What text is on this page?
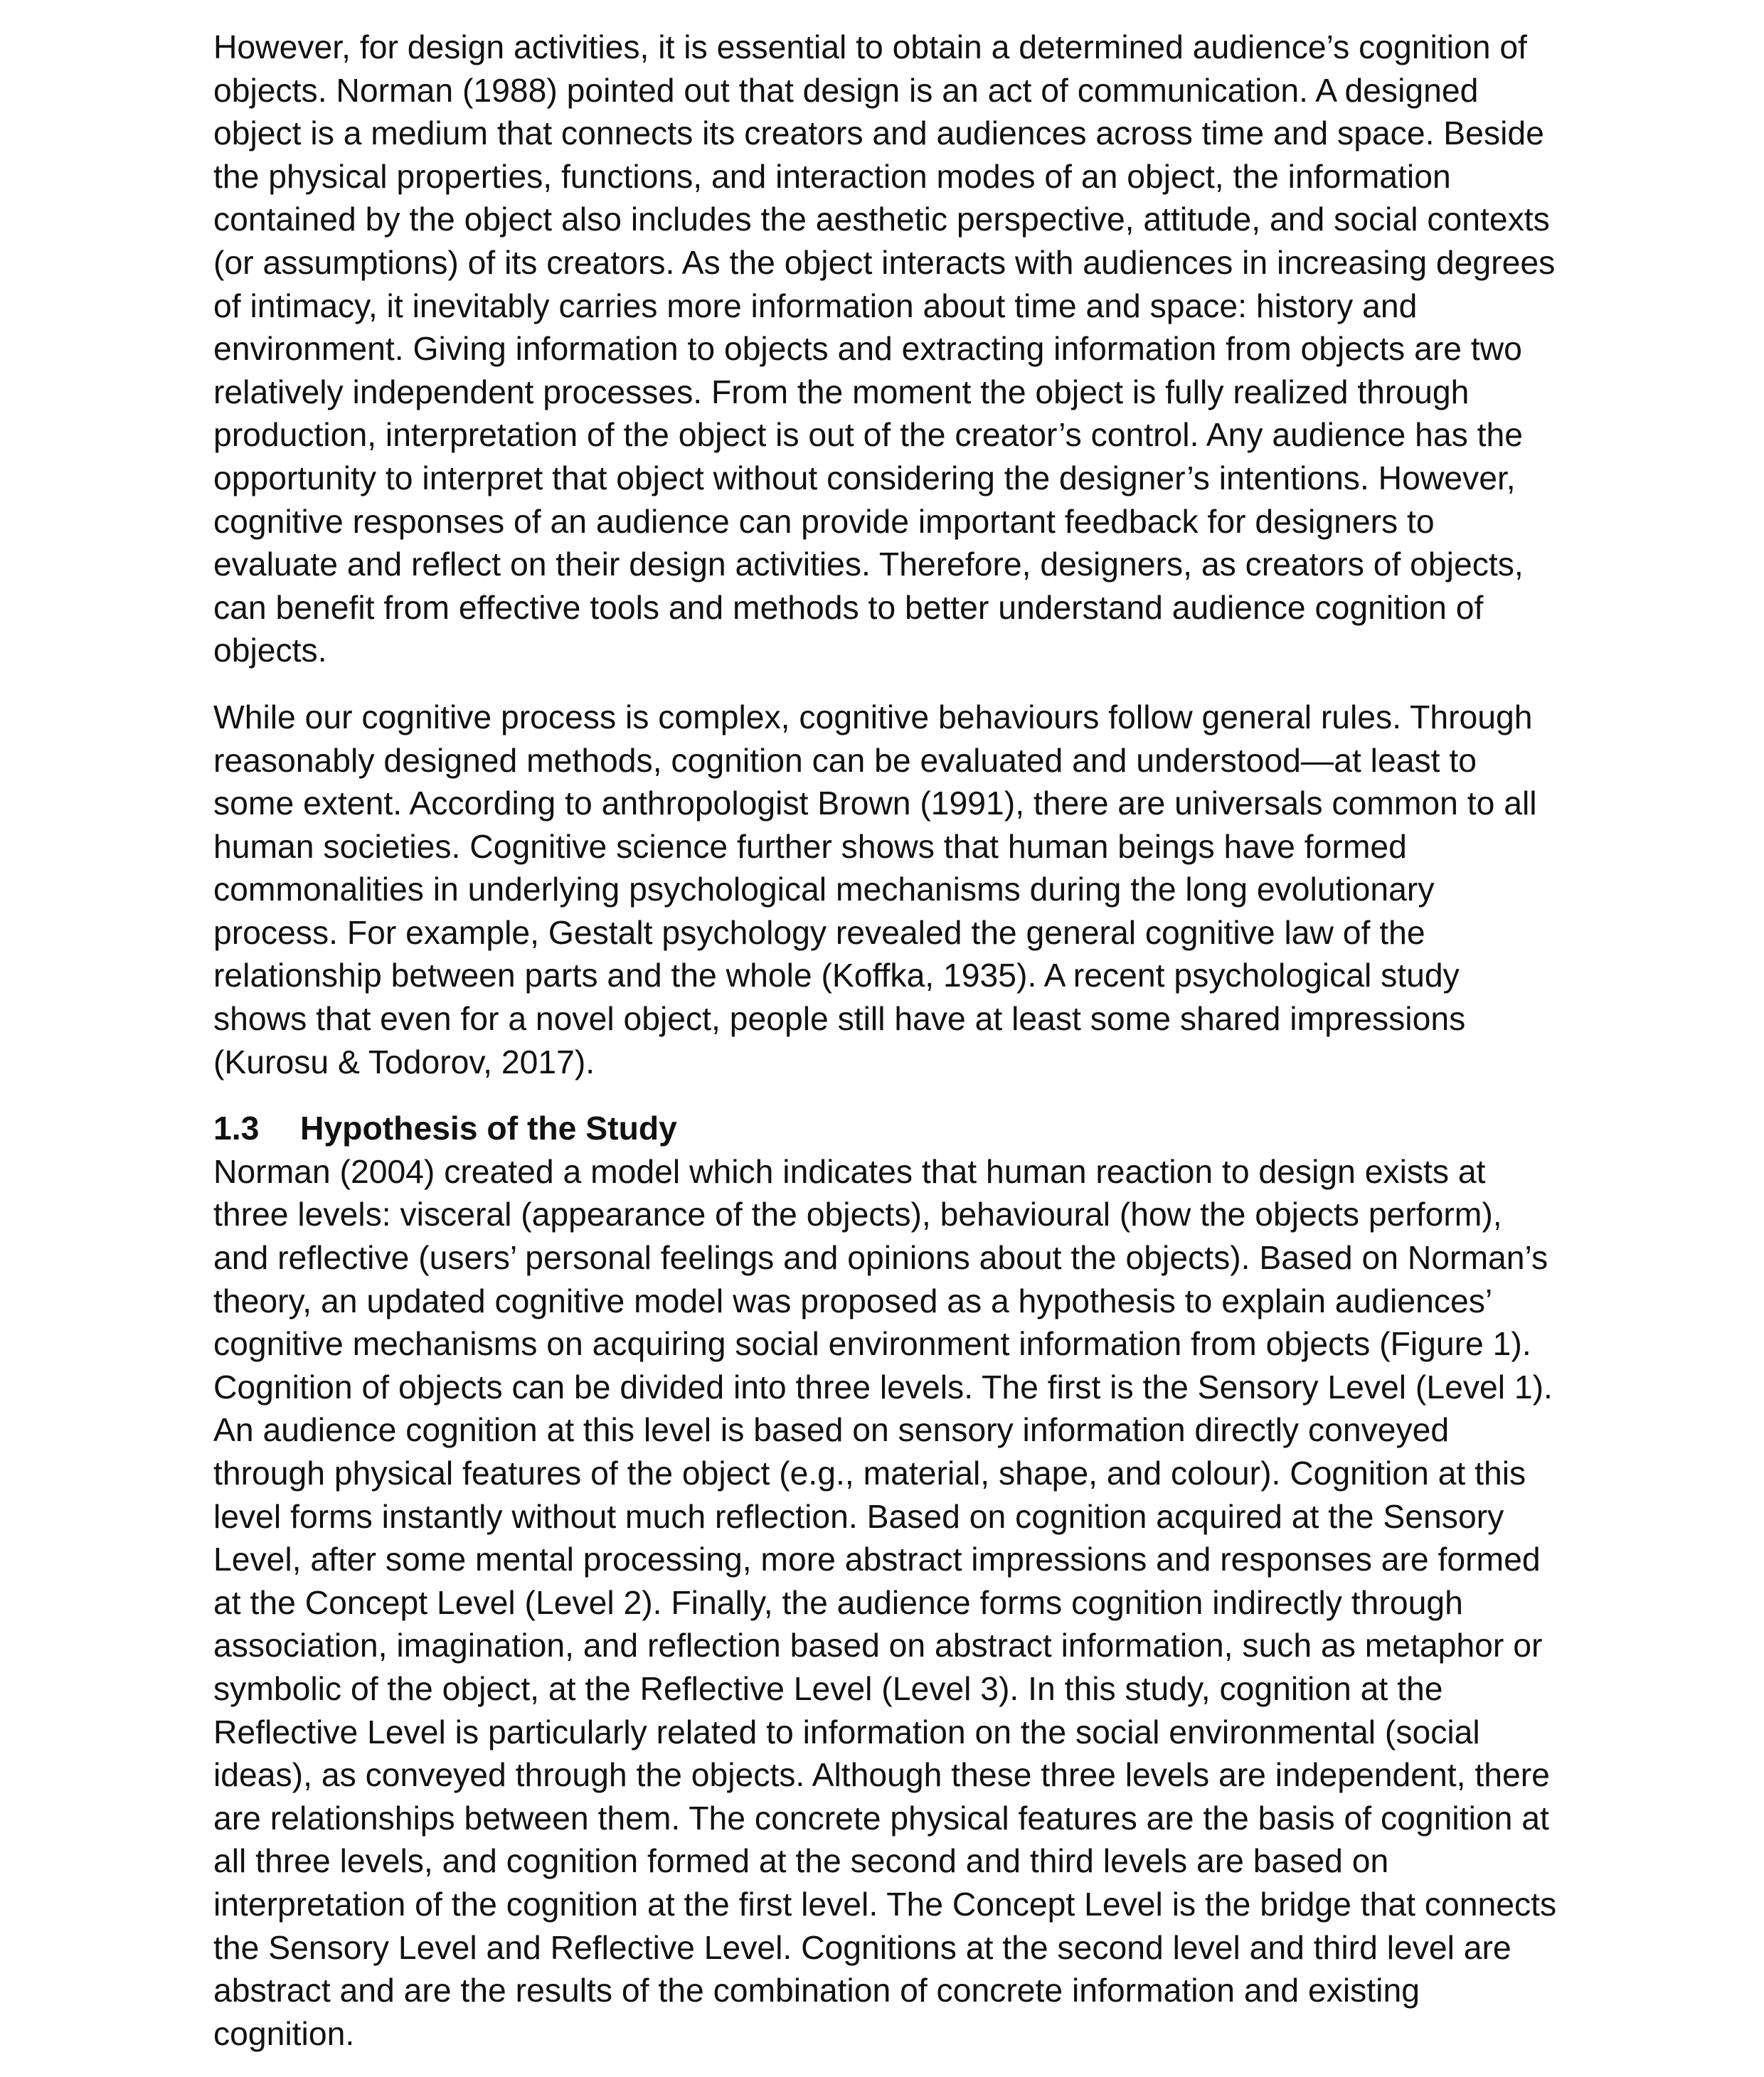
However, for design activities, it is essential to obtain a determined audience’s cognition of
objects. Norman (1988) pointed out that design is an act of communication. A designed
object is a medium that connects its creators and audiences across time and space. Beside
the physical properties, functions, and interaction modes of an object, the information
contained by the object also includes the aesthetic perspective, attitude, and social contexts
(or assumptions) of its creators. As the object interacts with audiences in increasing degrees
of intimacy, it inevitably carries more information about time and space: history and
environment. Giving information to objects and extracting information from objects are two
relatively independent processes. From the moment the object is fully realized through
production, interpretation of the object is out of the creator’s control. Any audience has the
opportunity to interpret that object without considering the designer’s intentions. However,
cognitive responses of an audience can provide important feedback for designers to
evaluate and reflect on their design activities. Therefore, designers, as creators of objects,
can benefit from effective tools and methods to better understand audience cognition of
objects.
While our cognitive process is complex, cognitive behaviours follow general rules. Through
reasonably designed methods, cognition can be evaluated and understood—at least to
some extent. According to anthropologist Brown (1991), there are universals common to all
human societies. Cognitive science further shows that human beings have formed
commonalities in underlying psychological mechanisms during the long evolutionary
process. For example, Gestalt psychology revealed the general cognitive law of the
relationship between parts and the whole (Koffka, 1935). A recent psychological study
shows that even for a novel object, people still have at least some shared impressions
(Kurosu & Todorov, 2017).
1.3 Hypothesis of the Study
Norman (2004) created a model which indicates that human reaction to design exists at
three levels: visceral (appearance of the objects), behavioural (how the objects perform),
and reflective (users’ personal feelings and opinions about the objects). Based on Norman’s
theory, an updated cognitive model was proposed as a hypothesis to explain audiences’
cognitive mechanisms on acquiring social environment information from objects (Figure 1).
Cognition of objects can be divided into three levels. The first is the Sensory Level (Level 1).
An audience cognition at this level is based on sensory information directly conveyed
through physical features of the object (e.g., material, shape, and colour). Cognition at this
level forms instantly without much reflection. Based on cognition acquired at the Sensory
Level, after some mental processing, more abstract impressions and responses are formed
at the Concept Level (Level 2). Finally, the audience forms cognition indirectly through
association, imagination, and reflection based on abstract information, such as metaphor or
symbolic of the object, at the Reflective Level (Level 3). In this study, cognition at the
Reflective Level is particularly related to information on the social environmental (social
ideas), as conveyed through the objects. Although these three levels are independent, there
are relationships between them. The concrete physical features are the basis of cognition at
all three levels, and cognition formed at the second and third levels are based on
interpretation of the cognition at the first level. The Concept Level is the bridge that connects
the Sensory Level and Reflective Level. Cognitions at the second level and third level are
abstract and are the results of the combination of concrete information and existing
cognition.
